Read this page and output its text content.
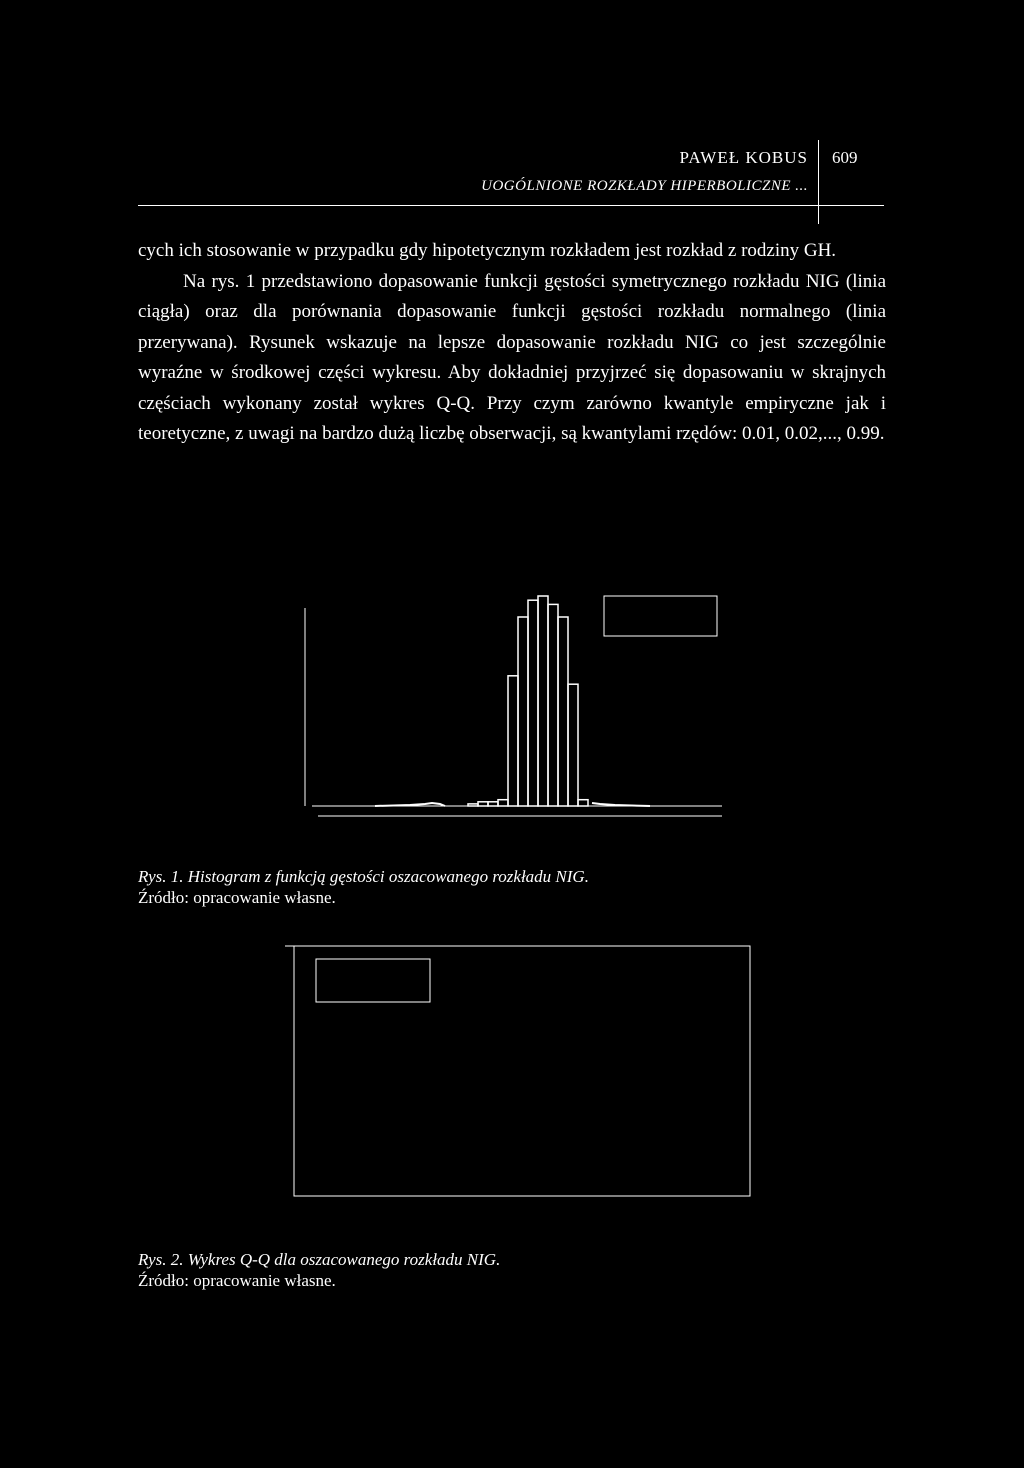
PAWEŁ KOBUS
UOGÓLNIONE ROZKŁADY HIPERBOLICZNE ...
609

cych ich stosowanie w przypadku gdy hipotetycznym rozkładem jest rozkład z rodziny GH.

Na rys. 1 przedstawiono dopasowanie funkcji gęstości symetrycznego rozkładu NIG (linia ciągła) oraz dla porównania dopasowanie funkcji gęstości rozkładu normalnego (linia przerywana). Rysunek wskazuje na lepsze dopasowanie rozkładu NIG co jest szczególnie wyraźne w środkowej części wykresu. Aby dokładniej przyjrzeć się dopasowaniu w skrajnych częściach wykonany został wykres Q-Q. Przy czym zarówno kwantyle empiryczne jak i teoretyczne, z uwagi na bardzo dużą liczbę obserwacji, są kwantylami rzędów: 0.01, 0.02,..., 0.99.

Rys. 1. Histogram z funkcją gęstości oszacowanego rozkładu NIG.
Źródło: opracowanie własne.
Rys. 2. Wykres Q-Q dla oszacowanego rozkładu NIG.
Źródło: opracowanie własne.
